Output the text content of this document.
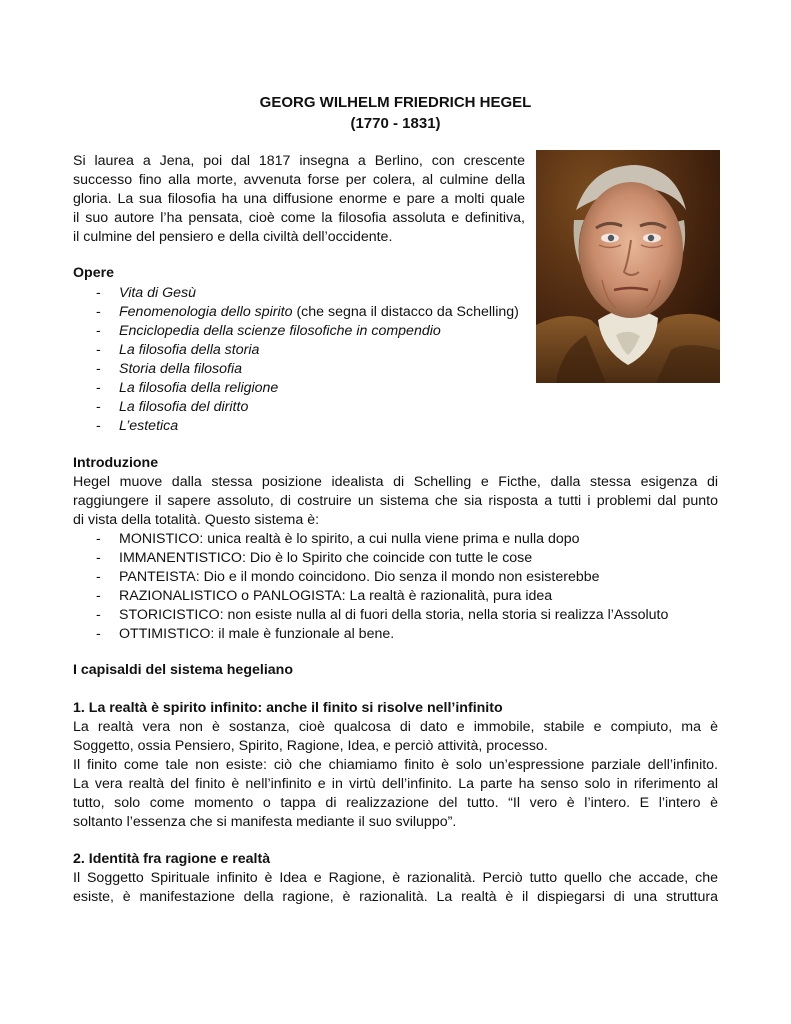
GEORG WILHELM FRIEDRICH HEGEL
(1770 - 1831)
Si laurea a Jena, poi dal 1817 insegna a Berlino, con crescente
successo fino alla morte, avvenuta forse per colera, al culmine della
gloria. La sua filosofia ha una diffusione enorme e pare a molti quale
il suo autore l’ha pensata, cioè come la filosofia assoluta e definitiva,
il culmine del pensiero e della civiltà dell’occidente.
Opere
- Vita di Gesù
- Fenomenologia dello spirito (che segna il distacco da Schelling)
- Enciclopedia della scienze filosofiche in compendio
- La filosofia della storia
- Storia della filosofia
- La filosofia della religione
- La filosofia del diritto
- L’estetica
Introduzione
Hegel muove dalla stessa posizione idealista di Schelling e Ficthe, dalla stessa esigenza di
raggiungere il sapere assoluto, di costruire un sistema che sia risposta a tutti i problemi dal punto
di vista della totalità. Questo sistema è:
- MONISTICO: unica realtà è lo spirito, a cui nulla viene prima e nulla dopo
- IMMANENTISTICO: Dio è lo Spirito che coincide con tutte le cose
- PANTEISTA: Dio e il mondo coincidono. Dio senza il mondo non esisterebbe
- RAZIONALISTICO o PANLOGISTA: La realtà è razionalità, pura idea
- STORICISTICO: non esiste nulla al di fuori della storia, nella storia si realizza l’Assoluto
- OTTIMISTICO: il male è funzionale al bene.
I capisaldi del sistema hegeliano
1. La realtà è spirito infinito: anche il finito si risolve nell’infinito
La realtà vera non è sostanza, cioè qualcosa di dato e immobile, stabile e compiuto, ma è
Soggetto, ossia Pensiero, Spirito, Ragione, Idea, e perciò attività, processo.
Il finito come tale non esiste: ciò che chiamiamo finito è solo un’espressione parziale dell’infinito.
La vera realtà del finito è nell’infinito e in virtù dell’infinito. La parte ha senso solo in riferimento al
tutto, solo come momento o tappa di realizzazione del tutto. “Il vero è l’intero. E l’intero è
soltanto l’essenza che si manifesta mediante il suo sviluppo”.
2. Identità fra ragione e realtà
Il Soggetto Spirituale infinito è Idea e Ragione, è razionalità. Perciò tutto quello che accade, che
esiste, è manifestazione della ragione, è razionalità. La realtà è il dispiegarsi di una struttura
